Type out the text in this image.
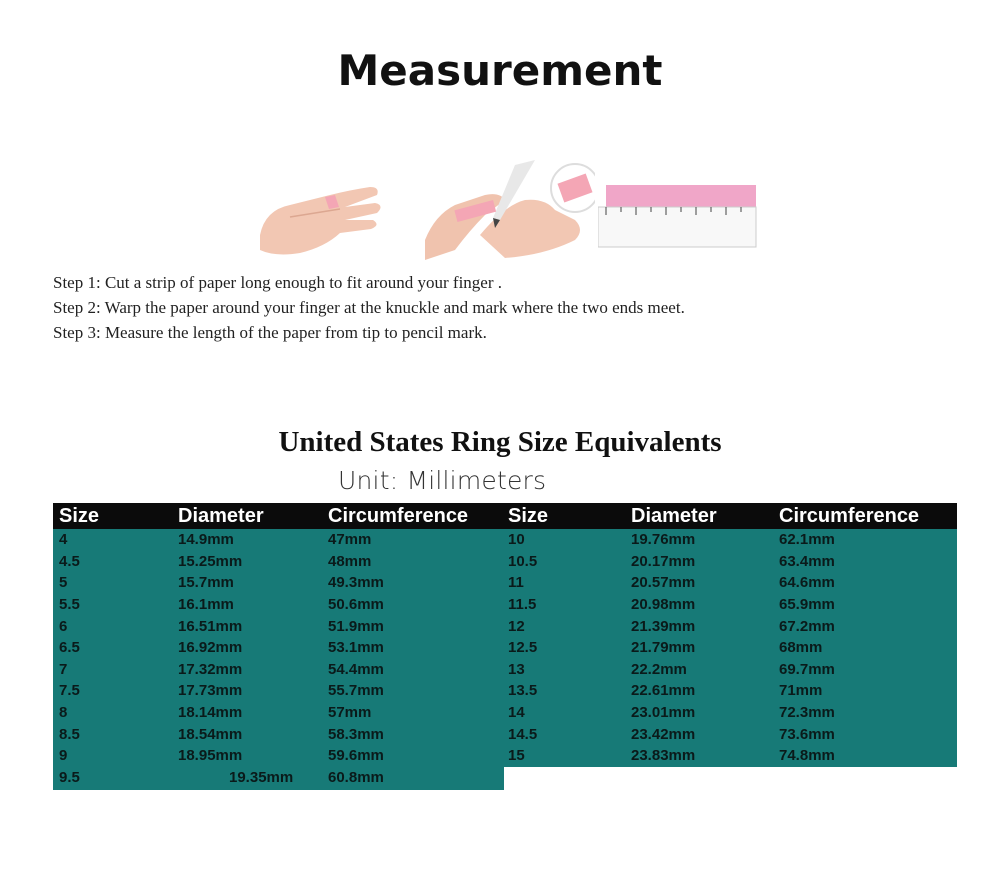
Measurement
Step 1: Cut a strip of paper long enough to fit around your finger .
Step 2: Warp the paper around your finger at the knuckle and mark where the two ends meet.
Step 3: Measure the length of the paper from tip to pencil mark.
United States Ring Size Equivalents
Unit: Millimeters
Size	Diameter	Circumference Size	Diameter	Circumference
4	14.9mm	47mm	10	19.76mm	62.1mm
4.5	15.25mm	48mm	10.5	20.17mm	63.4mm
5	15.7mm	49.3mm	11	20.57mm	64.6mm
5.5	16.1mm	50.6mm	11.5	20.98mm	65.9mm
6	16.51mm	51.9mm	12	21.39mm	67.2mm
6.5	16.92mm	53.1mm	12.5	21.79mm	68mm
7	17.32mm	54.4mm	13	22.2mm	69.7mm
7.5	17.73mm	55.7mm	13.5	22.61mm	71mm
8	18.14mm	57mm	14	23.01mm	72.3mm
8.5	18.54mm	58.3mm	14.5	23.42mm	73.6mm
9	18.95mm	59.6mm	15	23.83mm	74.8mm
9.5	19.35mm 60.8mm
